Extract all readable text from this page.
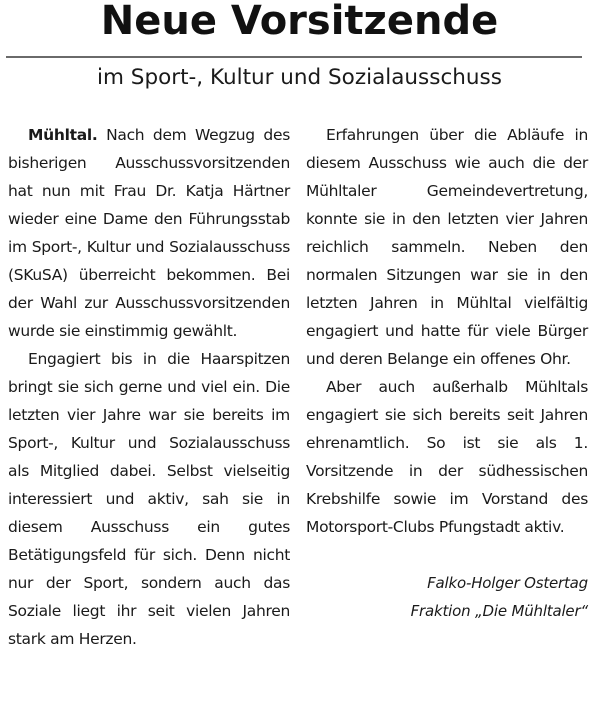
Neue Vorsitzende
im Sport-, Kultur und Sozialausschuss

Mühltal. Nach dem Wegzug des bisherigen Ausschussvorsitzenden hat nun mit Frau Dr. Katja Härtner wieder eine Dame den Führungsstab im Sport-, Kultur und Sozialausschuss (SKuSA) überreicht bekommen. Bei der Wahl zur Ausschussvorsitzenden wurde sie einstimmig gewählt.

Engagiert bis in die Haarspitzen bringt sie sich gerne und viel ein. Die letzten vier Jahre war sie bereits im Sport-, Kultur und Sozialausschuss als Mitglied dabei. Selbst vielseitig interessiert und aktiv, sah sie in diesem Ausschuss ein gutes Betätigungsfeld für sich. Denn nicht nur der Sport, sondern auch das Soziale liegt ihr seit vielen Jahren stark am Herzen.

Erfahrungen über die Abläufe in diesem Ausschuss wie auch die der Mühltaler Gemeindevertretung, konnte sie in den letzten vier Jahren reichlich sammeln. Neben den normalen Sitzungen war sie in den letzten Jahren in Mühltal vielfältig engagiert und hatte für viele Bürger und deren Belange ein offenes Ohr.

Aber auch außerhalb Mühltals engagiert sie sich bereits seit Jahren ehrenamtlich. So ist sie als 1. Vorsitzende in der südhessischen Krebshilfe sowie im Vorstand des Motorsport-Clubs Pfungstadt aktiv.

Falko-Holger Ostertag
Fraktion „Die Mühltaler“
